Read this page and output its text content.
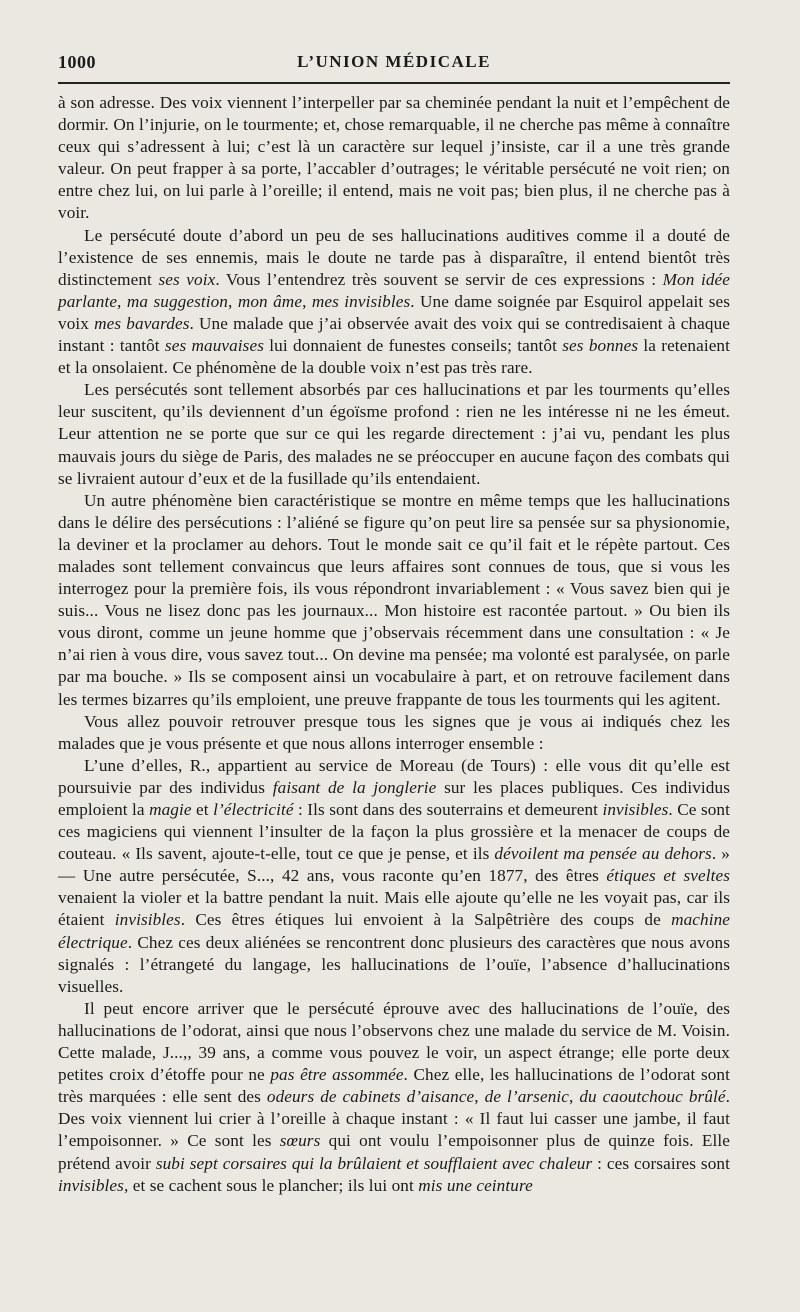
1000	L’UNION MÉDICALE

à son adresse. Des voix viennent l’interpeller par sa cheminée pendant la nuit et l’empêchent de dormir. On l’injurie, on le tourmente; et, chose remarquable, il ne cherche pas même à connaître ceux qui s’adressent à lui; c’est là un caractère sur lequel j’insiste, car il a une très grande valeur. On peut frapper à sa porte, l’accabler d’outrages; le véritable persécuté ne voit rien; on entre chez lui, on lui parle à l’oreille; il entend, mais ne voit pas; bien plus, il ne cherche pas à voir.

Le persécuté doute d’abord un peu de ses hallucinations auditives comme il a douté de l’existence de ses ennemis, mais le doute ne tarde pas à disparaître, il entend bientôt très distinctement ses voix. Vous l’entendrez très souvent se servir de ces expressions : Mon idée parlante, ma suggestion, mon âme, mes invisibles. Une dame soignée par Esquirol appelait ses voix mes bavardes. Une malade que j’ai observée avait des voix qui se contredisaient à chaque instant : tantôt ses mauvaises lui donnaient de funestes conseils; tantôt ses bonnes la retenaient et la onsolaient. Ce phénomène de la double voix n’est pas très rare.

Les persécutés sont tellement absorbés par ces hallucinations et par les tourments qu’elles leur suscitent, qu’ils deviennent d’un égoïsme profond : rien ne les intéresse ni ne les émeut. Leur attention ne se porte que sur ce qui les regarde directement : j’ai vu, pendant les plus mauvais jours du siège de Paris, des malades ne se préoccuper en aucune façon des combats qui se livraient autour d’eux et de la fusillade qu’ils entendaient.

Un autre phénomène bien caractéristique se montre en même temps que les hallucinations dans le délire des persécutions : l’aliéné se figure qu’on peut lire sa pensée sur sa physionomie, la deviner et la proclamer au dehors. Tout le monde sait ce qu’il fait et le répète partout. Ces malades sont tellement convaincus que leurs affaires sont connues de tous, que si vous les interrogez pour la première fois, ils vous répondront invariablement : « Vous savez bien qui je suis... Vous ne lisez donc pas les journaux... Mon histoire est racontée partout. » Ou bien ils vous diront, comme un jeune homme que j’observais récemment dans une consultation : « Je n’ai rien à vous dire, vous savez tout... On devine ma pensée; ma volonté est paralysée, on parle par ma bouche. » Ils se composent ainsi un vocabulaire à part, et on retrouve facilement dans les termes bizarres qu’ils emploient, une preuve frappante de tous les tourments qui les agitent.

Vous allez pouvoir retrouver presque tous les signes que je vous ai indiqués chez les malades que je vous présente et que nous allons interroger ensemble :

L’une d’elles, R., appartient au service de Moreau (de Tours) : elle vous dit qu’elle est poursuivie par des individus faisant de la jonglerie sur les places publiques. Ces individus emploient la magie et l’électricité : Ils sont dans des souterrains et demeurent invisibles. Ce sont ces magiciens qui viennent l’insulter de la façon la plus grossière et la menacer de coups de couteau. « Ils savent, ajoute-t-elle, tout ce que je pense, et ils dévoilent ma pensée au dehors. » — Une autre persécutée, S..., 42 ans, vous raconte qu’en 1877, des êtres étiques et sveltes venaient la violer et la battre pendant la nuit. Mais elle ajoute qu’elle ne les voyait pas, car ils étaient invisibles. Ces êtres étiques lui envoient à la Salpêtrière des coups de machine électrique. Chez ces deux aliénées se rencontrent donc plusieurs des caractères que nous avons signalés : l’étrangeté du langage, les hallucinations de l’ouïe, l’absence d’hallucinations visuelles.

Il peut encore arriver que le persécuté éprouve avec des hallucinations de l’ouïe, des hallucinations de l’odorat, ainsi que nous l’observons chez une malade du service de M. Voisin. Cette malade, J...,, 39 ans, a comme vous pouvez le voir, un aspect étrange; elle porte deux petites croix d’étoffe pour ne pas être assommée. Chez elle, les hallucinations de l’odorat sont très marquées : elle sent des odeurs de cabinets d’aisance, de l’arsenic, du caoutchouc brûlé. Des voix viennent lui crier à l’oreille à chaque instant : « Il faut lui casser une jambe, il faut l’empoisonner. » Ce sont les sœurs qui ont voulu l’empoisonner plus de quinze fois. Elle prétend avoir subi sept corsaires qui la brûlaient et soufflaient avec chaleur : ces corsaires sont invisibles, et se cachent sous le plancher; ils lui ont mis une ceinture
